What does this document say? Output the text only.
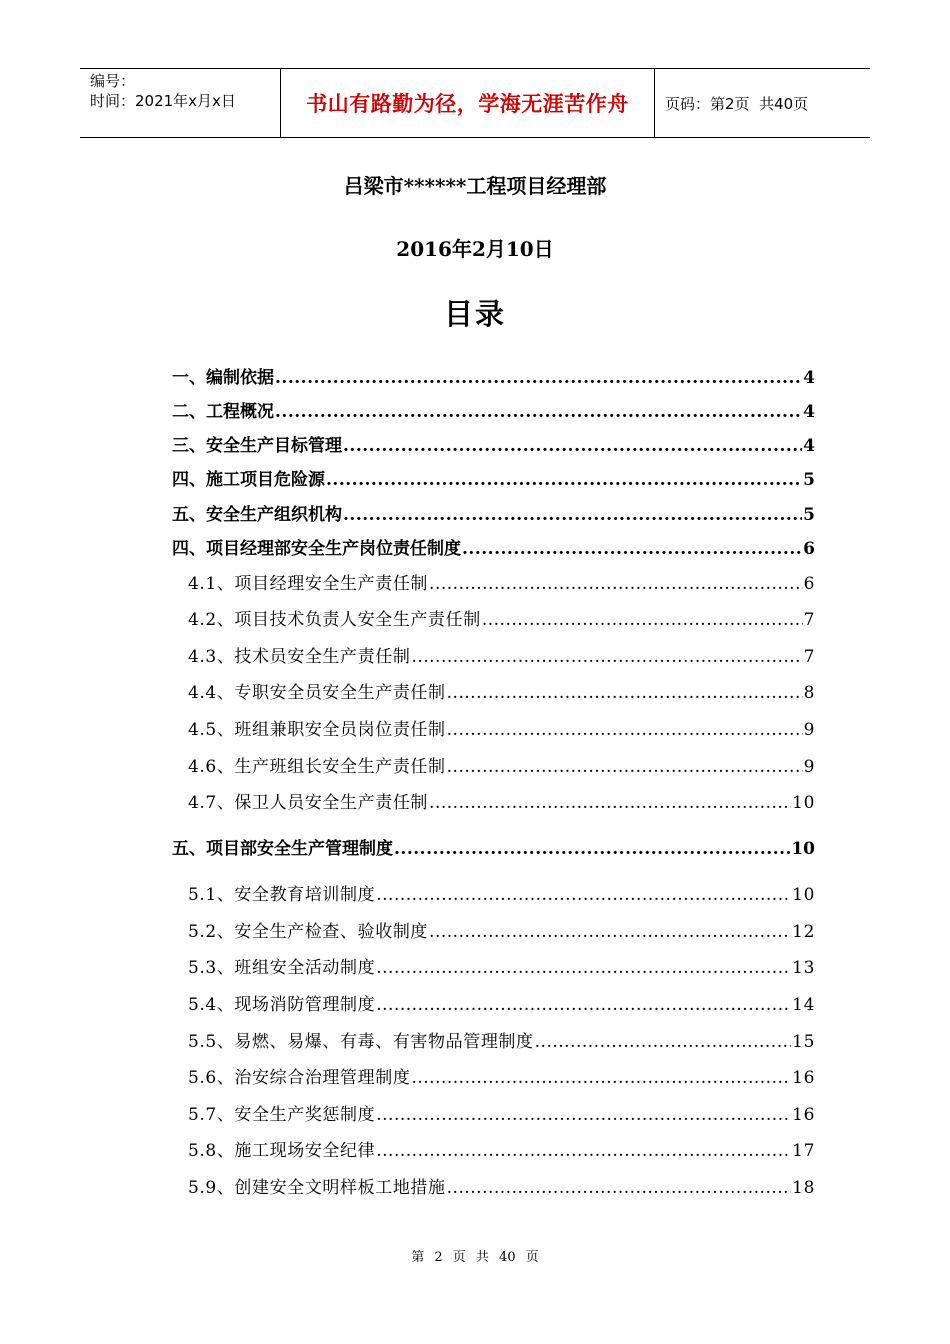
编号：
时间：2021年x月x日	书山有路勤为径，学海无涯苦作舟	页码：第2页  共40页
吕梁市******工程项目经理部
2016年2月10日
目录
一、编制依据 .....	4
二、工程概况 .....	4
三、安全生产目标管理 .....	4
四、施工项目危险源 .....	5
五、安全生产组织机构 .....	5
四、项目经理部安全生产岗位责任制度 .....	6
4.1、项目经理安全生产责任制 .....	6
4.2、项目技术负责人安全生产责任制 .....	7
4.3、技术员安全生产责任制 .....	7
4.4、专职安全员安全生产责任制 .....	8
4.5、班组兼职安全员岗位责任制 .....	9
4.6、生产班组长安全生产责任制 .....	9
4.7、保卫人员安全生产责任制 .....	10
五、项目部安全生产管理制度 .....	10
5.1、安全教育培训制度 .....	10
5.2、安全生产检查、验收制度 .....	12
5.3、班组安全活动制度 .....	13
5.4、现场消防管理制度 .....	14
5.5、易燃、易爆、有毒、有害物品管理制度 .....	15
5.6、治安综合治理管理制度 .....	16
5.7、安全生产奖惩制度 .....	16
5.8、施工现场安全纪律 .....	17
5.9、创建安全文明样板工地措施 .....	18
第 2 页 共 40 页
